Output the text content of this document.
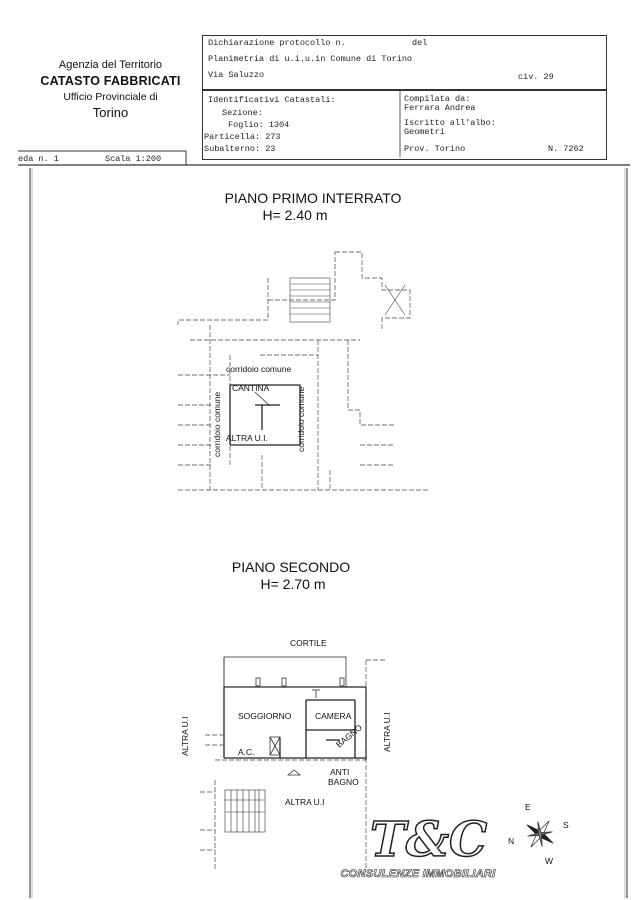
Agenzia del Territorio
CATASTO FABBRICATI
Ufficio Provinciale di
Torino
Dichiarazione protocollo n.	del
Planimetria di u.i.u.in Comune di Torino
Via Saluzzo	civ. 29
Identificativi Catastali:
Sezione:
Foglio: 1304
Particella: 273
Subalterno: 23
Compilata da:
Ferrara Andrea
Iscritto all'albo:
Geometri
Prov. Torino	N. 7262
eda n. 1	Scala 1:200
PIANO PRIMO INTERRATO
H= 2.40 m
corridoio comune
CANTINA
ALTRA U.I.
corridoio comune	corridoio comune
PIANO SECONDO
H= 2.70 m
CORTILE
SOGGIORNO	CAMERA
A.C.
BAGNO
ANTI
BAGNO
ALTRA U.I	ALTRA U.I
ALTRA U.I
N
E
S
W
T&C
CONSULENZE IMMOBILIARI
